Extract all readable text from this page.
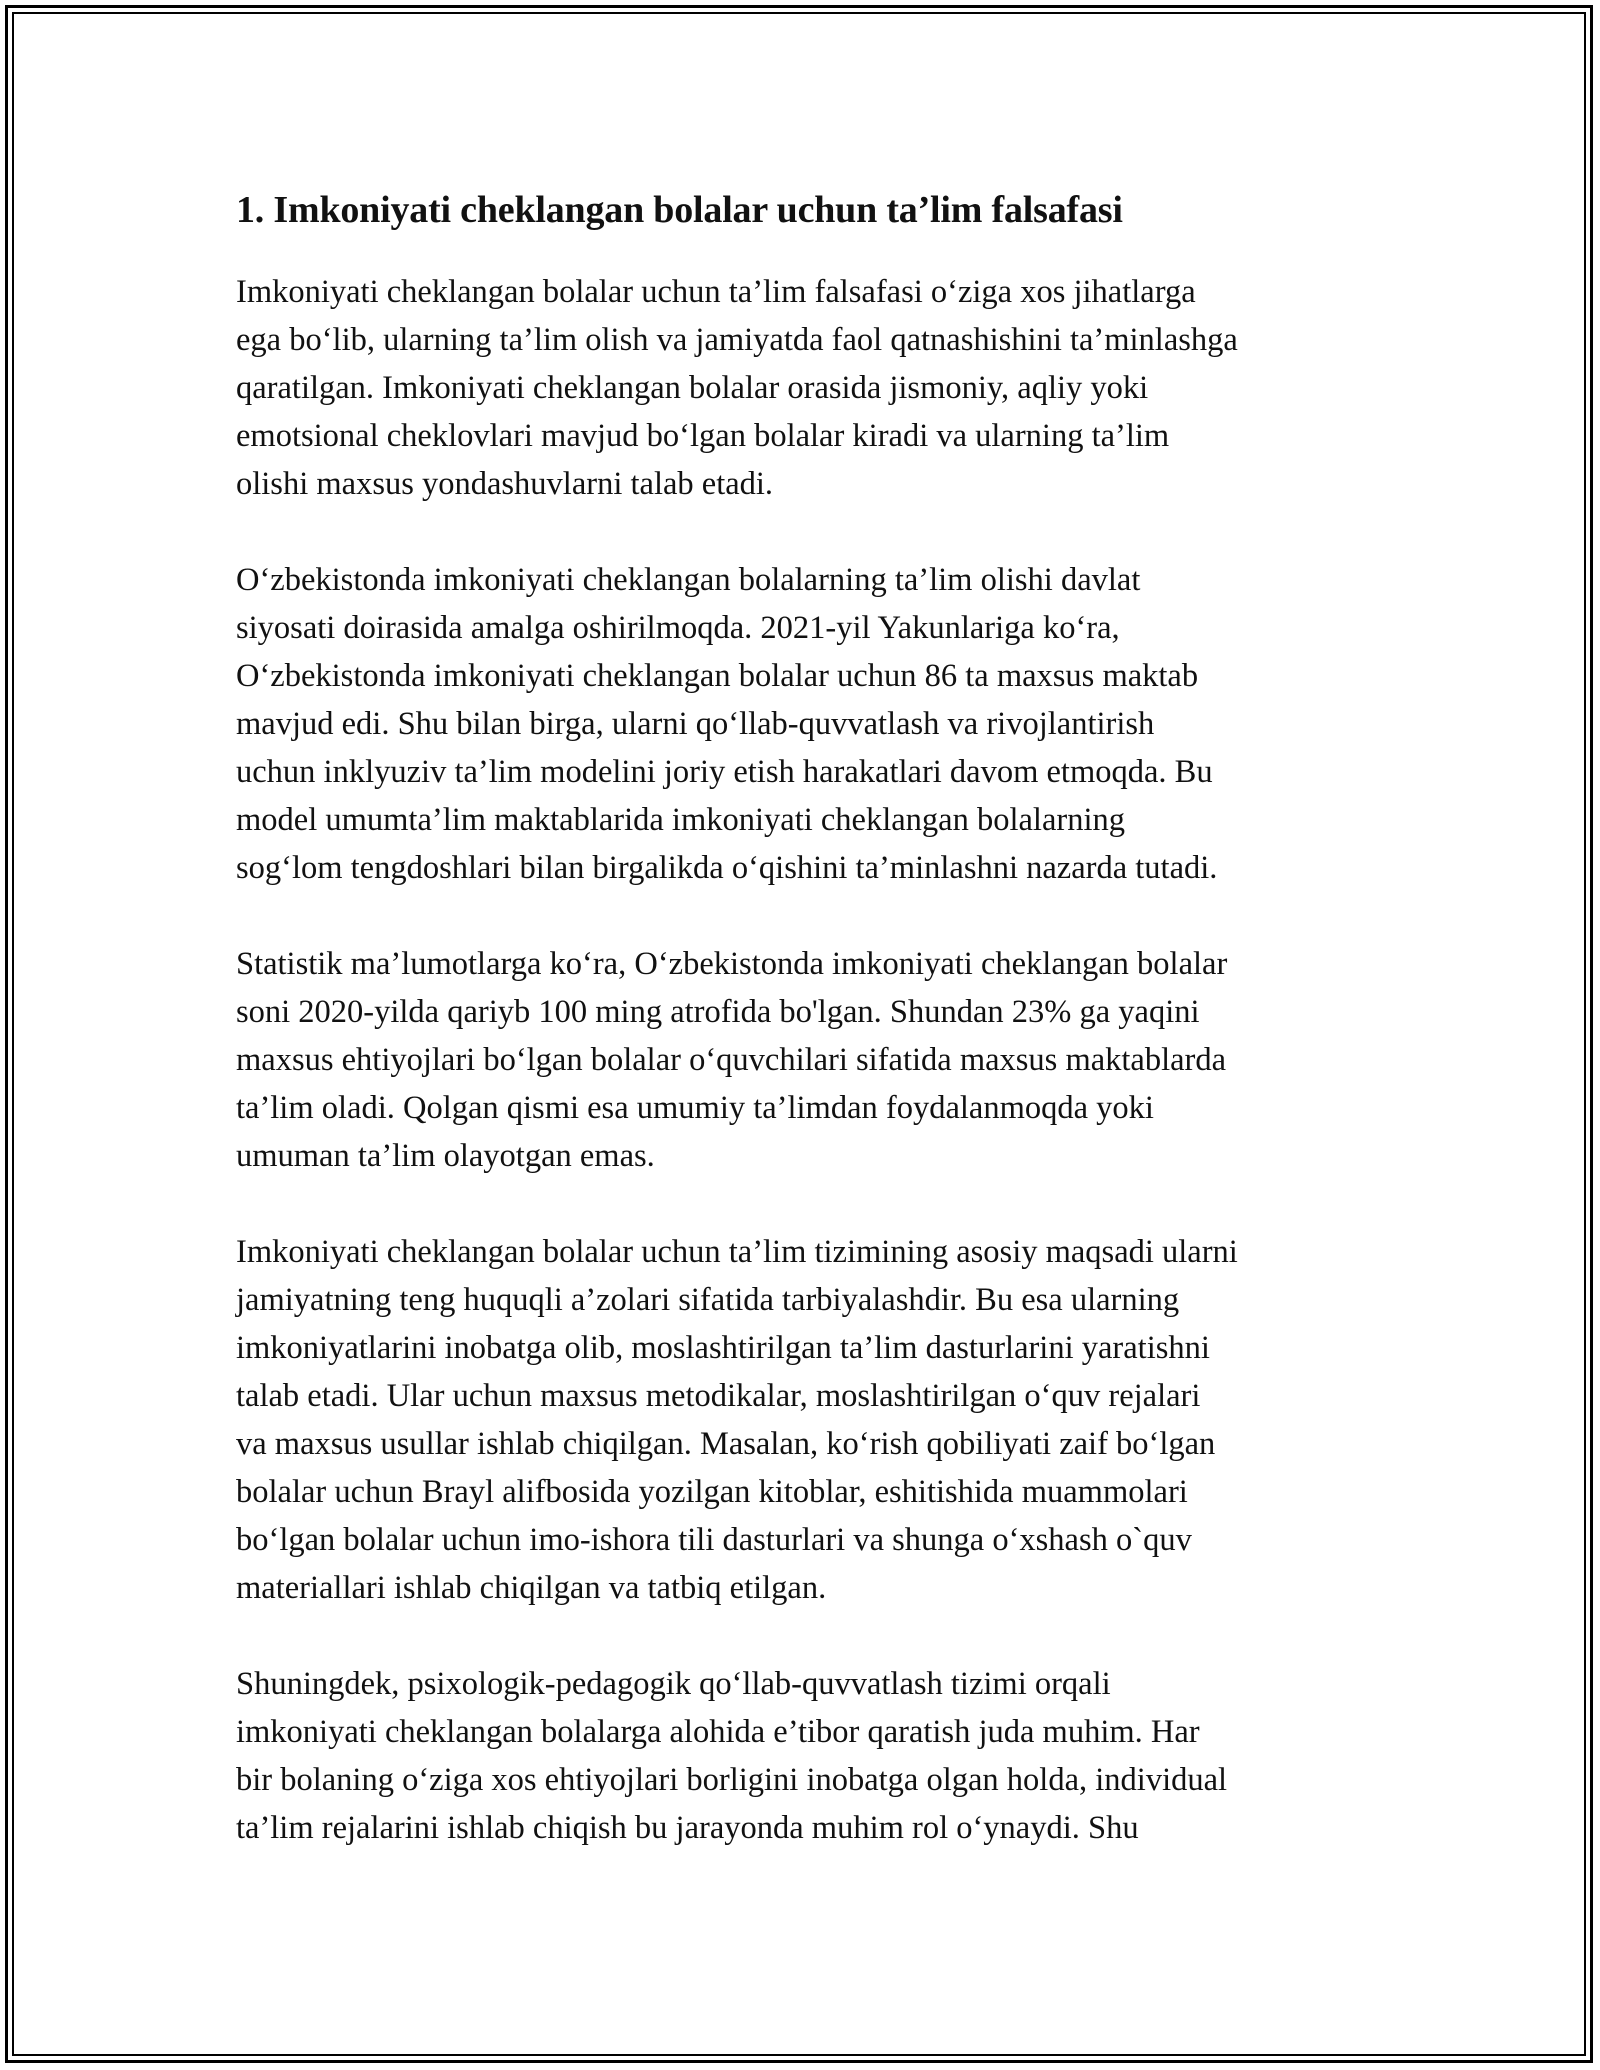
1. Imkoniyati cheklangan bolalar uchun ta’lim falsafasi

Imkoniyati cheklangan bolalar uchun ta’lim falsafasi o‘ziga xos jihatlarga
ega bo‘lib, ularning ta’lim olish va jamiyatda faol qatnashishini ta’minlashga
qaratilgan. Imkoniyati cheklangan bolalar orasida jismoniy, aqliy yoki
emotsional cheklovlari mavjud bo‘lgan bolalar kiradi va ularning ta’lim
olishi maxsus yondashuvlarni talab etadi.

O‘zbekistonda imkoniyati cheklangan bolalarning ta’lim olishi davlat
siyosati doirasida amalga oshirilmoqda. 2021-yil Yakunlariga ko‘ra,
O‘zbekistonda imkoniyati cheklangan bolalar uchun 86 ta maxsus maktab
mavjud edi. Shu bilan birga, ularni qo‘llab-quvvatlash va rivojlantirish
uchun inklyuziv ta’lim modelini joriy etish harakatlari davom etmoqda. Bu
model umumta’lim maktablarida imkoniyati cheklangan bolalarning
sog‘lom tengdoshlari bilan birgalikda o‘qishini ta’minlashni nazarda tutadi.

Statistik ma’lumotlarga ko‘ra, O‘zbekistonda imkoniyati cheklangan bolalar
soni 2020-yilda qariyb 100 ming atrofida bo'lgan. Shundan 23% ga yaqini
maxsus ehtiyojlari bo‘lgan bolalar o‘quvchilari sifatida maxsus maktablarda
ta’lim oladi. Qolgan qismi esa umumiy ta’limdan foydalanmoqda yoki
umuman ta’lim olayotgan emas.

Imkoniyati cheklangan bolalar uchun ta’lim tizimining asosiy maqsadi ularni
jamiyatning teng huquqli a’zolari sifatida tarbiyalashdir. Bu esa ularning
imkoniyatlarini inobatga olib, moslashtirilgan ta’lim dasturlarini yaratishni
talab etadi. Ular uchun maxsus metodikalar, moslashtirilgan o‘quv rejalari
va maxsus usullar ishlab chiqilgan. Masalan, ko‘rish qobiliyati zaif bo‘lgan
bolalar uchun Brayl alifbosida yozilgan kitoblar, eshitishida muammolari
bo‘lgan bolalar uchun imo-ishora tili dasturlari va shunga o‘xshash o`quv
materiallari ishlab chiqilgan va tatbiq etilgan.

Shuningdek, psixologik-pedagogik qo‘llab-quvvatlash tizimi orqali
imkoniyati cheklangan bolalarga alohida e’tibor qaratish juda muhim. Har
bir bolaning o‘ziga xos ehtiyojlari borligini inobatga olgan holda, individual
ta’lim rejalarini ishlab chiqish bu jarayonda muhim rol o‘ynaydi. Shu
